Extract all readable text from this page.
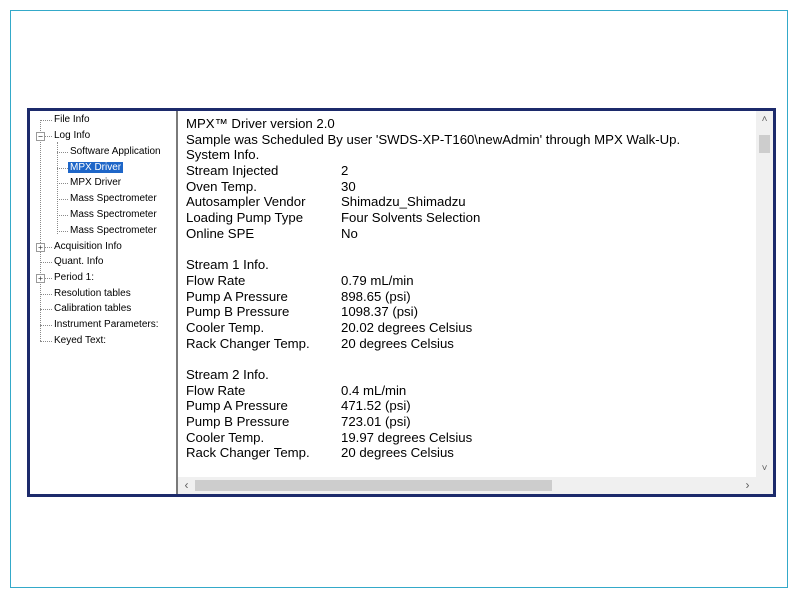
−
+
+
File Info
Log Info
Software Application
MPX Driver
MPX Driver
Mass Spectrometer
Mass Spectrometer
Mass Spectrometer
Acquisition Info
Quant. Info
Period 1:
Resolution tables
Calibration tables
Instrument Parameters:
Keyed Text:
MPX™ Driver version 2.0
Sample was Scheduled By user 'SWDS-XP-T160\newAdmin' through MPX Walk-Up.
System Info.
Stream Injected	2
Oven Temp.	30
Autosampler Vendor	Shimadzu_Shimadzu
Loading Pump Type	Four Solvents Selection
Online SPE	No
Stream 1 Info.
Flow Rate	0.79 mL/min
Pump A Pressure	898.65 (psi)
Pump B Pressure	1098.37 (psi)
Cooler Temp.	20.02 degrees Celsius
Rack Changer Temp.	20 degrees Celsius
Stream 2 Info.
Flow Rate	0.4 mL/min
Pump A Pressure	471.52 (psi)
Pump B Pressure	723.01 (psi)
Cooler Temp.	19.97 degrees Celsius
Rack Changer Temp.	20 degrees Celsius
˄
˅
‹	›
